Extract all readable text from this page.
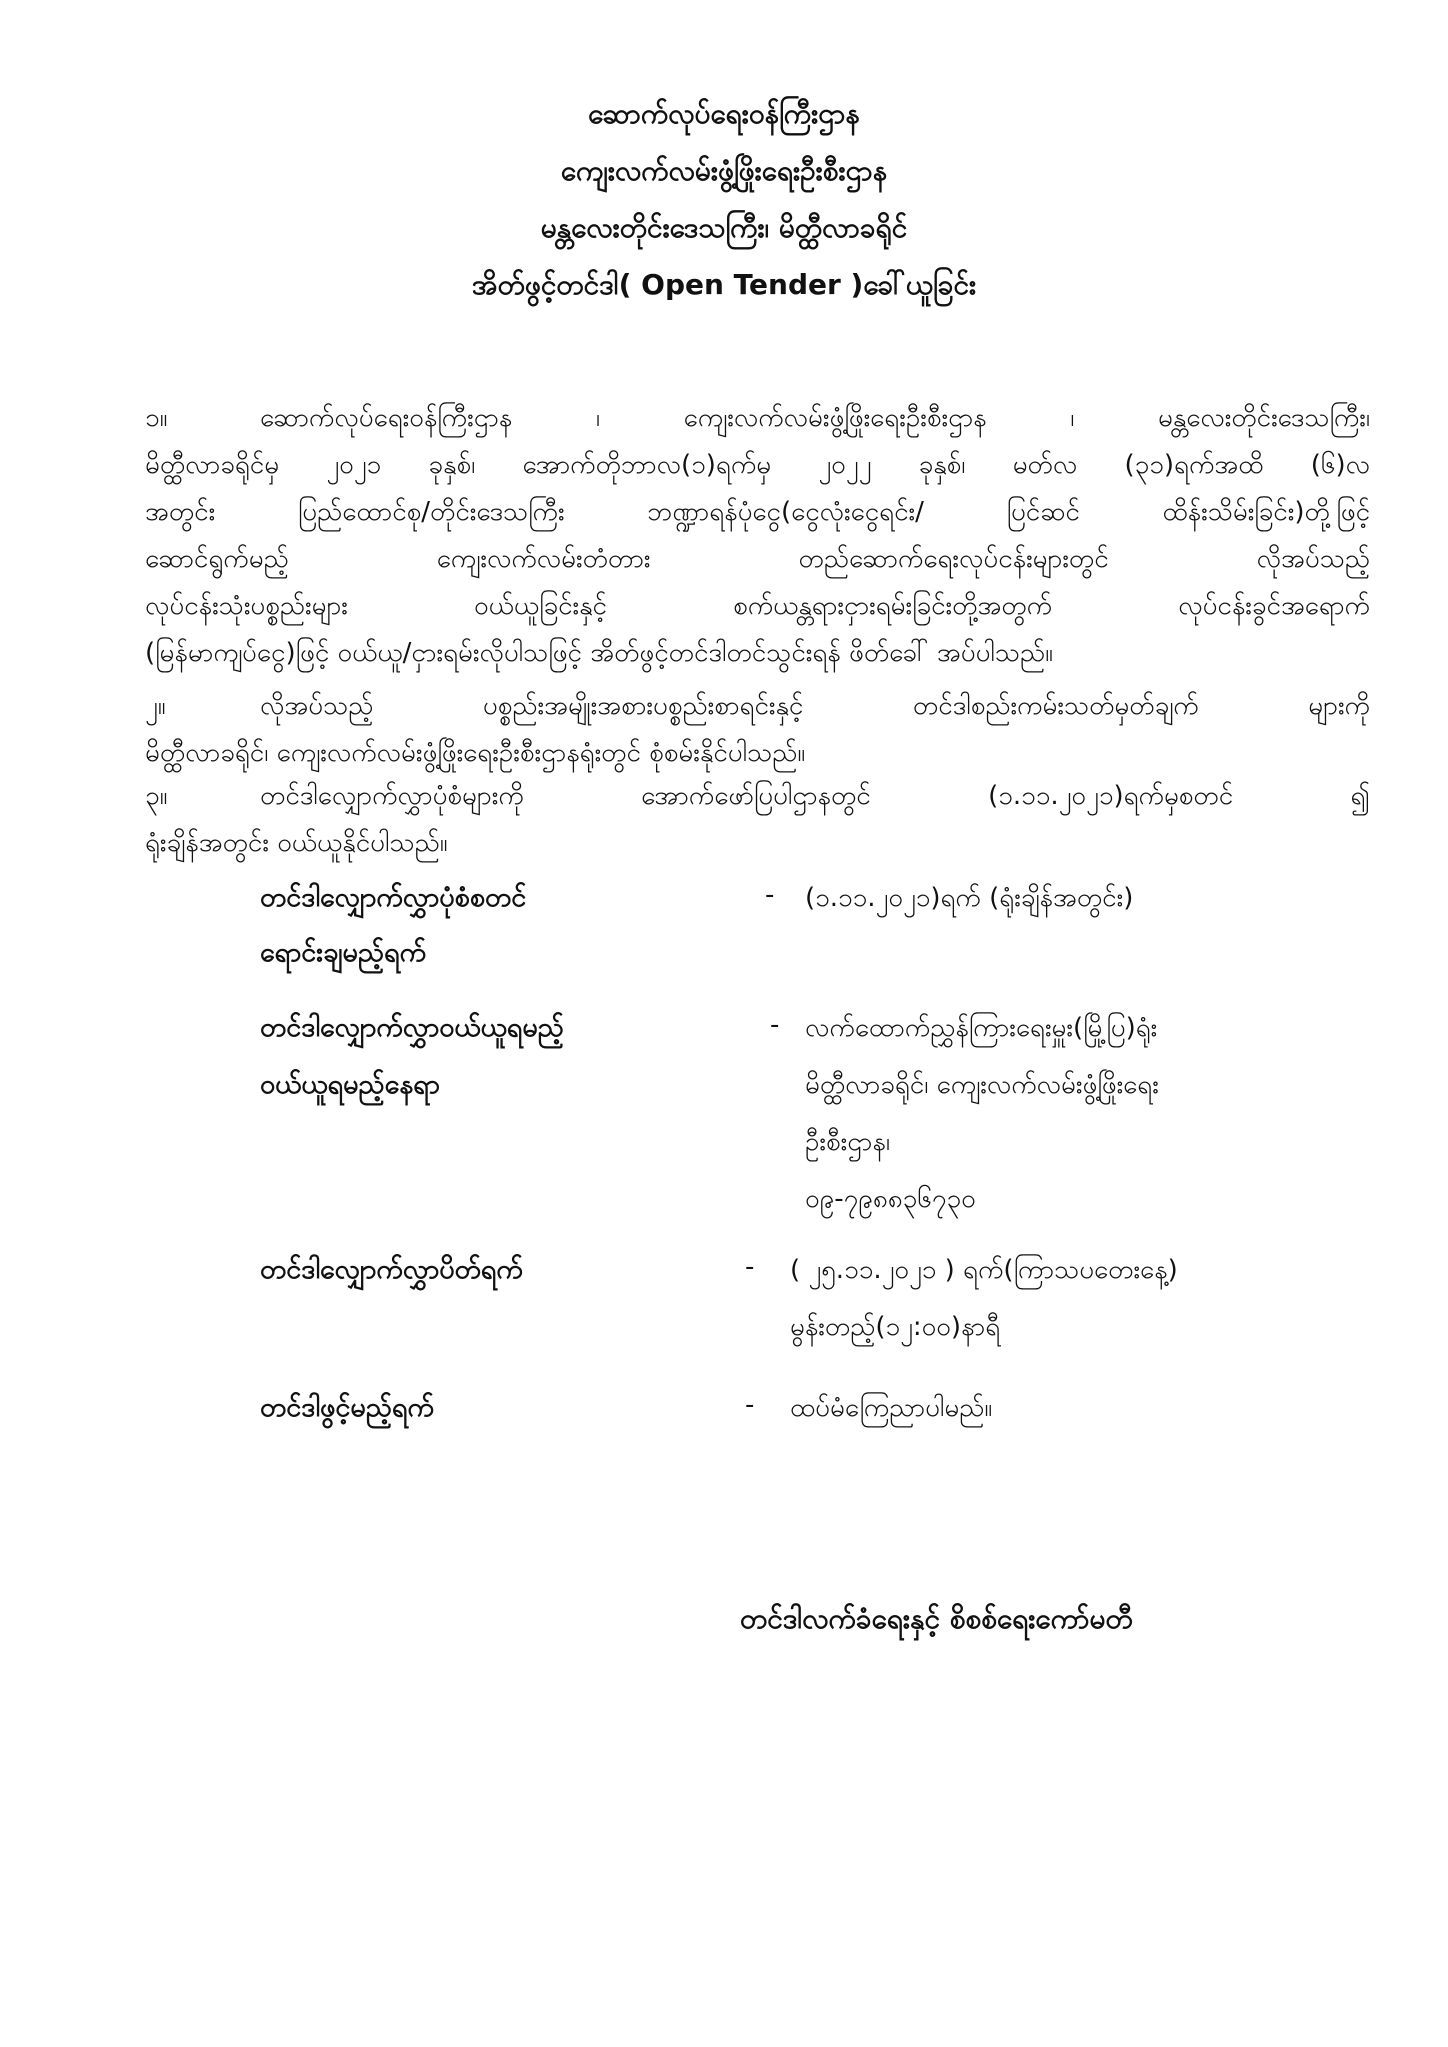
ဆောက်လုပ်ရေးဝန်ကြီးဌာန
ကျေးလက်လမ်းဖွံ့ဖြိုးရေးဦးစီးဌာန
မန္တလေးတိုင်းဒေသကြီး၊ မိတ္ထီလာခရိုင်
အိတ်ဖွင့်တင်ဒါ( Open Tender )ခေါ်ယူခြင်း
၁။	ဆောက်လုပ်ရေးဝန်ကြီးဌာန ၊ ကျေးလက်လမ်းဖွံ့ဖြိုးရေးဦးစီးဌာန ၊ မန္တလေးတိုင်းဒေသကြီး၊
မိတ္ထီလာခရိုင်မှ ၂၀၂၁ ခုနှစ်၊ အောက်တိုဘာလ(၁)ရက်မှ ၂၀၂၂ ခုနှစ်၊ မတ်လ (၃၁)ရက်အထိ (၆)လ
အတွင်း ပြည်ထောင်စု/တိုင်းဒေသကြီး ဘဏ္ဍာရန်ပုံငွေ(ငွေလုံးငွေရင်း/ ပြင်ဆင် ထိန်းသိမ်းခြင်း)တို့ဖြင့်
ဆောင်ရွက်မည့် ကျေးလက်လမ်းတံတား တည်ဆောက်ရေးလုပ်ငန်းများတွင် လိုအပ်သည့်
လုပ်ငန်းသုံးပစ္စည်းများ ဝယ်ယူခြင်းနှင့် စက်ယန္တရားငှားရမ်းခြင်းတို့အတွက် လုပ်ငန်းခွင်အရောက်
(မြန်မာကျပ်ငွေ)ဖြင့် ဝယ်ယူ/ငှားရမ်းလိုပါသဖြင့် အိတ်ဖွင့်တင်ဒါတင်သွင်းရန် ဖိတ်ခေါ် အပ်ပါသည်။
၂။	လိုအပ်သည့် ပစ္စည်းအမျိုးအစားပစ္စည်းစာရင်းနှင့် တင်ဒါစည်းကမ်းသတ်မှတ်ချက် များကို
မိတ္ထီလာခရိုင်၊ ကျေးလက်လမ်းဖွံ့ဖြိုးရေးဦးစီးဌာနရုံးတွင် စုံစမ်းနိုင်ပါသည်။
၃။	တင်ဒါလျှောက်လွှာပုံစံများကို အောက်ဖော်ပြပါဌာနတွင် (၁.၁၁.၂၀၂၁)ရက်မှစတင် ၍
ရုံးချိန်အတွင်း ဝယ်ယူနိုင်ပါသည်။
တင်ဒါလျှောက်လွှာပုံစံစတင်
ရောင်းချမည့်ရက်
- (၁.၁၁.၂၀၂၁)ရက် (ရုံးချိန်အတွင်း)
တင်ဒါလျှောက်လွှာဝယ်ယူရမည့်
ဝယ်ယူရမည့်နေရာ
- လက်ထောက်ညွှန်ကြားရေးမှူး(မြို့ပြ)ရုံး
မိတ္ထီလာခရိုင်၊ ကျေးလက်လမ်းဖွံ့ဖြိုးရေး
ဦးစီးဌာန၊
၀၉-၇၉၈၈၃၆၇၃၀
တင်ဒါလျှောက်လွှာပိတ်ရက်	- ( ၂၅.၁၁.၂၀၂၁ ) ရက်(ကြာသပတေးနေ့)
မွန်းတည့်(၁၂:၀၀)နာရီ
တင်ဒါဖွင့်မည့်ရက်	- ထပ်မံကြေညာပါမည်။
တင်ဒါလက်ခံရေးနှင့် စိစစ်ရေးကော်မတီ
